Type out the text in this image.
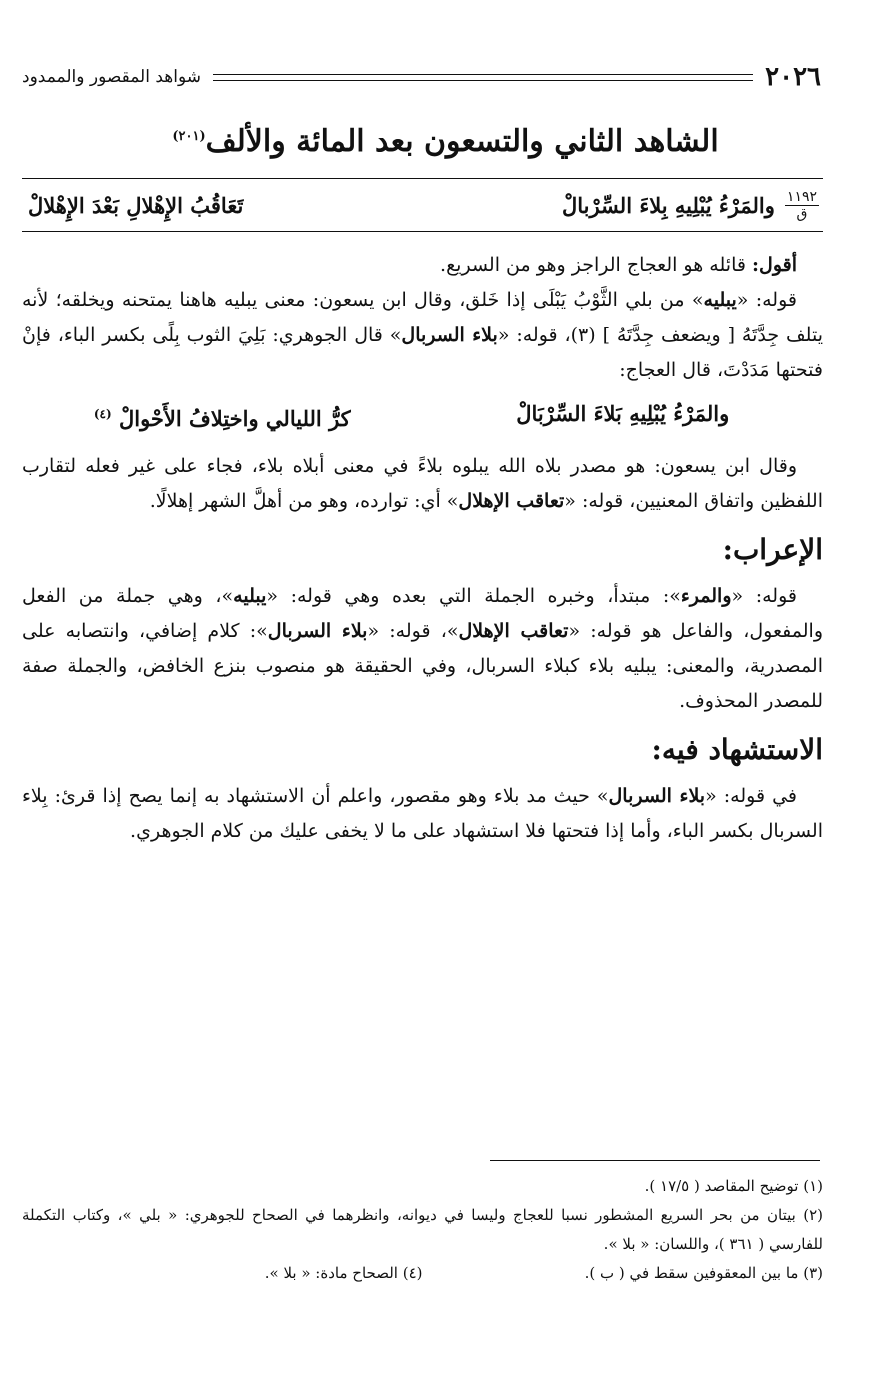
٢٠٢٦
شواهد المقصور والممدود
الشاهد الثاني والتسعون بعد المائة والألف$^{(٢٠١)}$
١١٩٢
ق
والمَرْءُ يُبْلِيهِ بِلاءَ السِّرْبالْ
تَعَاقُبُ الإِهْلالِ بَعْدَ الإِهْلالْ

أقول: قائله هو العجاج الراجز وهو من السريع.

قوله: «يبليه» من بلي الثَّوْبُ يَبْلَى إذا خَلق، وقال ابن يسعون: معنى يبليه هاهنا يمتحنه ويخلقه؛ لأنه يتلف جِدَّتَهُ [ ويضعف جِدَّتَهُ ] (٣)، قوله: «بلاء السربال» قال الجوهري: بَلِيَ الثوب بِلًى بكسر الباء، فإنْ فتحتها مَدَدْتَ، قال العجاج:

والمَرْءُ يُبْلِيهِ بَلاءَ السِّرْبَالْ
كرُّ الليالي واختِلافُ الأَحْوالْ $^{(٤)}$

وقال ابن يسعون: هو مصدر بلاه الله يبلوه بلاءً في معنى أبلاه بلاء، فجاء على غير فعله لتقارب اللفظين واتفاق المعنيين، قوله: «تعاقب الإهلال» أي: توارده، وهو من أهلَّ الشهر إهلالًا.

الإعراب:

قوله: «والمرء»: مبتدأ، وخبره الجملة التي بعده وهي قوله: «يبليه»، وهي جملة من الفعل والمفعول، والفاعل هو قوله: «تعاقب الإهلال»، قوله: «بلاء السربال»: كلام إضافي، وانتصابه على المصدرية، والمعنى: يبليه بلاء كبلاء السربال، وفي الحقيقة هو منصوب بنزع الخافض، والجملة صفة للمصدر المحذوف.

الاستشهاد فيه:

في قوله: «بلاء السربال» حيث مد بلاء وهو مقصور، واعلم أن الاستشهاد به إنما يصح إذا قرئ: بِلاء السربال بكسر الباء، وأما إذا فتحتها فلا استشهاد على ما لا يخفى عليك من كلام الجوهري.

(١) توضيح المقاصد ( ١٧/٥ ).

(٢) بيتان من بحر السريع المشطور نسبا للعجاج وليسا في ديوانه، وانظرهما في الصحاح للجوهري: « بلي »، وكتاب التكملة للفارسي ( ٣٦١ )، واللسان: « بلا ».

(٣) ما بين المعقوفين سقط في ( ب ).
(٤) الصحاح مادة: « بلا ».
